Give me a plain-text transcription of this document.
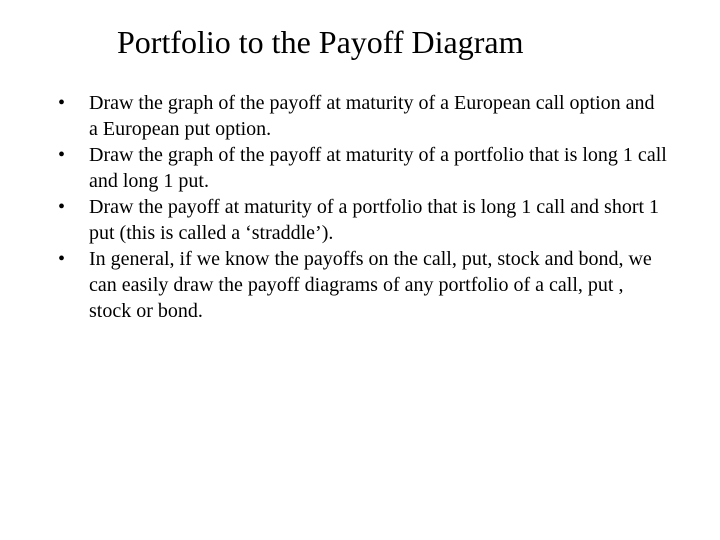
Portfolio to the Payoff Diagram
•	Draw the graph of the payoff at maturity of a European call option and a European put option.
•	Draw the graph of the payoff at maturity of a portfolio that is long 1 call and long 1 put.
•	Draw the payoff at maturity of a portfolio that is long 1 call and short 1 put (this is called a ‘straddle’).
•	In general, if we know the payoffs on the call, put, stock and bond, we can easily draw the payoff diagrams of any portfolio of a call, put , stock or bond.
